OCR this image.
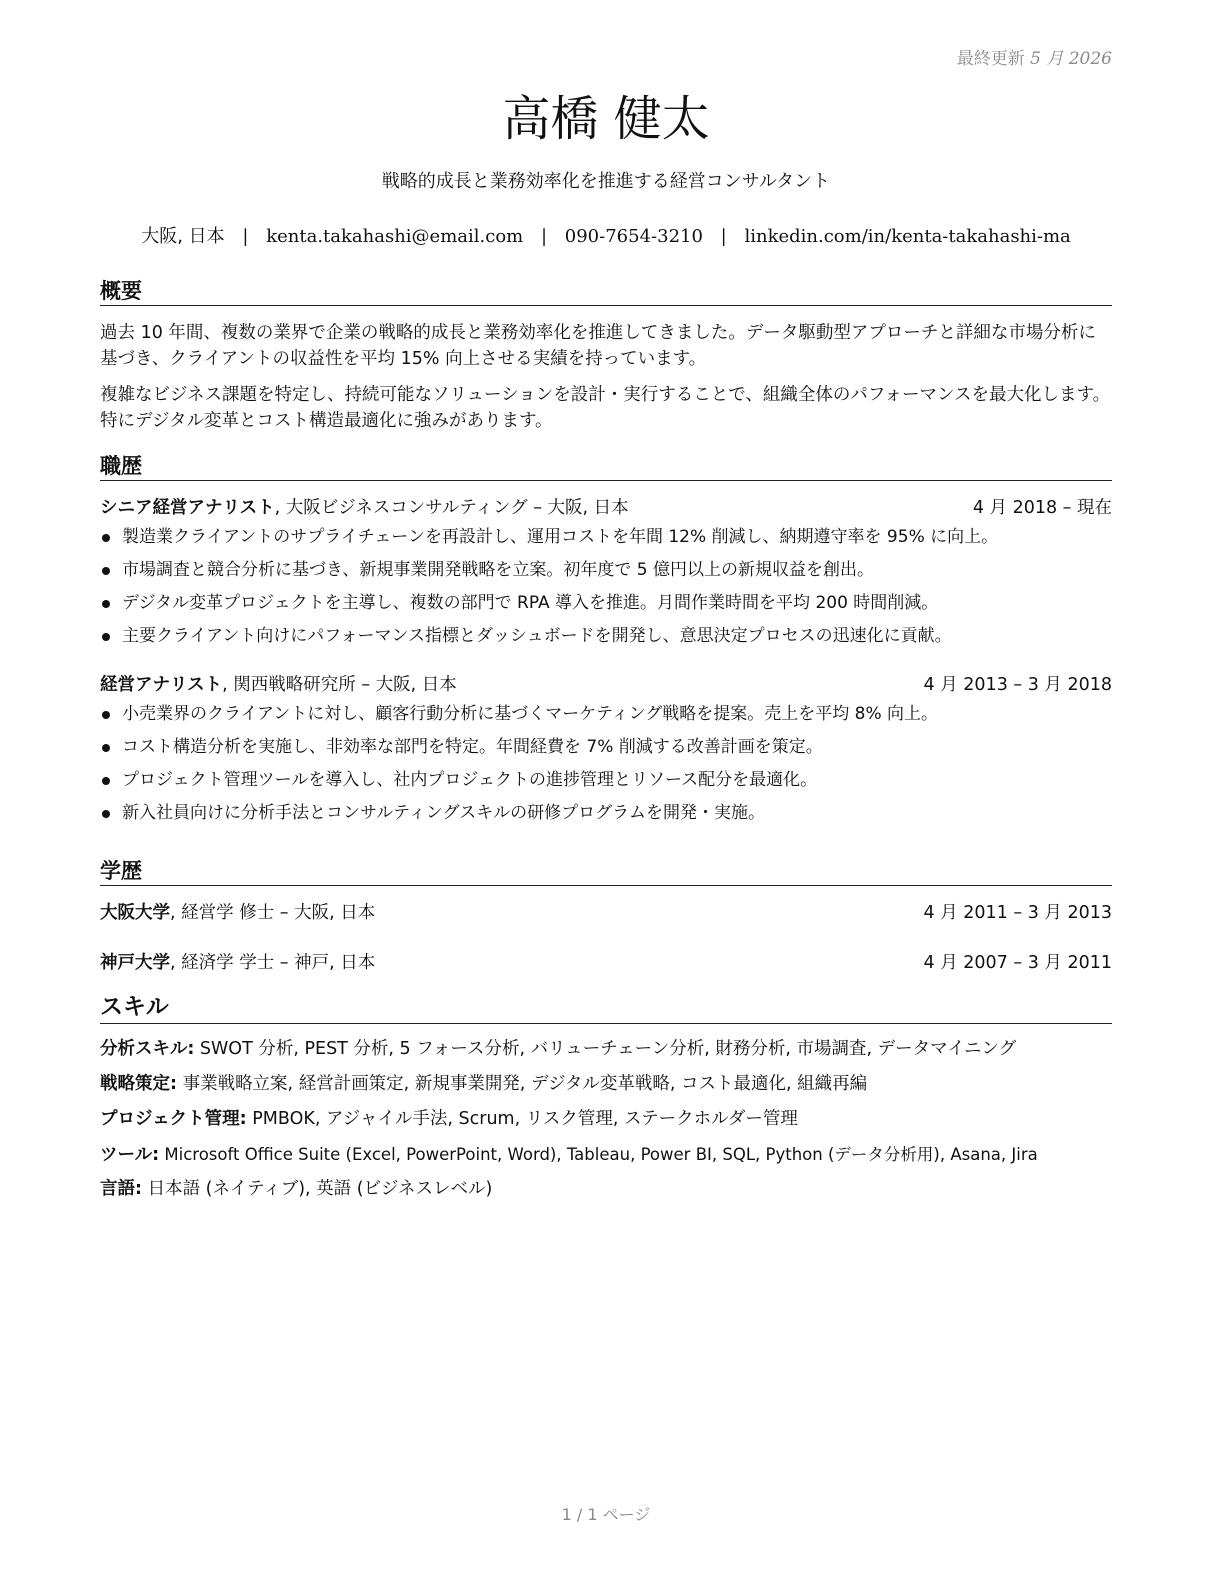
最終更新 5 月 2026
高橋 健太
戦略的成長と業務効率化を推進する経営コンサルタント
大阪, 日本 | kenta.takahashi@email.com | 090-7654-3210 | linkedin.com/in/kenta-takahashi-ma
概要

過去 10 年間、複数の業界で企業の戦略的成長と業務効率化を推進してきました。データ駆動型アプローチと詳細な市場分析に基づき、クライアントの収益性を平均 15% 向上させる実績を持っています。

複雑なビジネス課題を特定し、持続可能なソリューションを設計・実行することで、組織全体のパフォーマンスを最大化します。特にデジタル変革とコスト構造最適化に強みがあります。

職歴
シニア経営アナリスト, 大阪ビジネスコンサルティング – 大阪, 日本	4 月 2018 – 現在
製造業クライアントのサプライチェーンを再設計し、運用コストを年間 12% 削減し、納期遵守率を 95% に向上。
市場調査と競合分析に基づき、新規事業開発戦略を立案。初年度で 5 億円以上の新規収益を創出。
デジタル変革プロジェクトを主導し、複数の部門で RPA 導入を推進。月間作業時間を平均 200 時間削減。
主要クライアント向けにパフォーマンス指標とダッシュボードを開発し、意思決定プロセスの迅速化に貢献。
経営アナリスト, 関西戦略研究所 – 大阪, 日本	4 月 2013 – 3 月 2018
小売業界のクライアントに対し、顧客行動分析に基づくマーケティング戦略を提案。売上を平均 8% 向上。
コスト構造分析を実施し、非効率な部門を特定。年間経費を 7% 削減する改善計画を策定。
プロジェクト管理ツールを導入し、社内プロジェクトの進捗管理とリソース配分を最適化。
新入社員向けに分析手法とコンサルティングスキルの研修プログラムを開発・実施。
学歴
大阪大学, 経営学 修士 – 大阪, 日本	4 月 2011 – 3 月 2013
神戸大学, 経済学 学士 – 神戸, 日本	4 月 2007 – 3 月 2011
スキル
分析スキル: SWOT 分析, PEST 分析, 5 フォース分析, バリューチェーン分析, 財務分析, 市場調査, データマイニング
戦略策定: 事業戦略立案, 経営計画策定, 新規事業開発, デジタル変革戦略, コスト最適化, 組織再編
プロジェクト管理: PMBOK, アジャイル手法, Scrum, リスク管理, ステークホルダー管理
ツール: Microsoft Office Suite (Excel, PowerPoint, Word), Tableau, Power BI, SQL, Python (データ分析用), Asana, Jira
言語: 日本語 (ネイティブ), 英語 (ビジネスレベル)
1 / 1 ページ
